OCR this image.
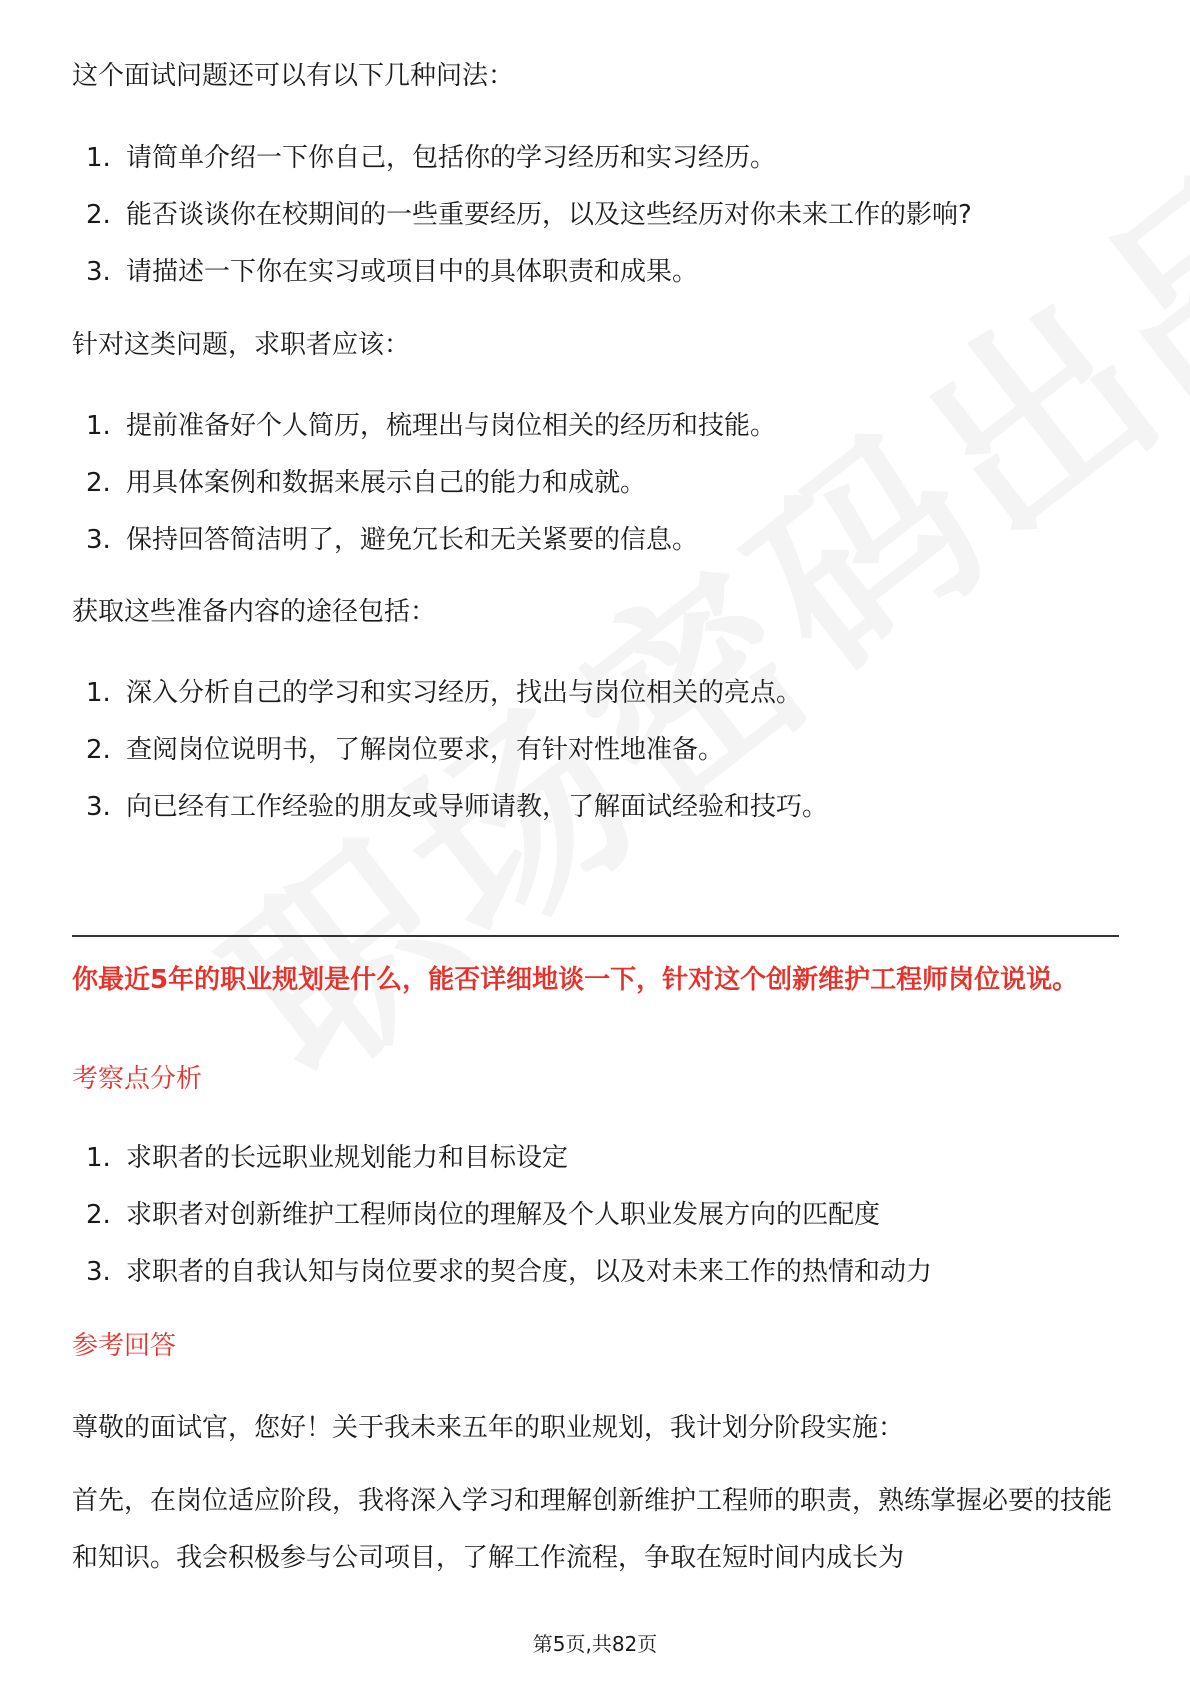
这个面试问题还可以有以下几种问法：

1. 请简单介绍一下你自己，包括你的学习经历和实习经历。
2. 能否谈谈你在校期间的一些重要经历，以及这些经历对你未来工作的影响?
3. 请描述一下你在实习或项目中的具体职责和成果。

针对这类问题，求职者应该：

1. 提前准备好个人简历，梳理出与岗位相关的经历和技能。
2. 用具体案例和数据来展示自己的能力和成就。
3. 保持回答简洁明了，避免冗长和无关紧要的信息。

获取这些准备内容的途径包括：

1. 深入分析自己的学习和实习经历，找出与岗位相关的亮点。
2. 查阅岗位说明书，了解岗位要求，有针对性地准备。
3. 向已经有工作经验的朋友或导师请教，了解面试经验和技巧。

你最近5年的职业规划是什么，能否详细地谈一下，针对这个创新维护工程师岗位说说。

考察点分析

1. 求职者的长远职业规划能力和目标设定
2. 求职者对创新维护工程师岗位的理解及个人职业发展方向的匹配度
3. 求职者的自我认知与岗位要求的契合度，以及对未来工作的热情和动力

参考回答

尊敬的面试官，您好！关于我未来五年的职业规划，我计划分阶段实施：

首先，在岗位适应阶段，我将深入学习和理解创新维护工程师的职责，熟练掌握必要的技能和知识。我会积极参与公司项目，了解工作流程，争取在短时间内成长为

第5页,共82页
